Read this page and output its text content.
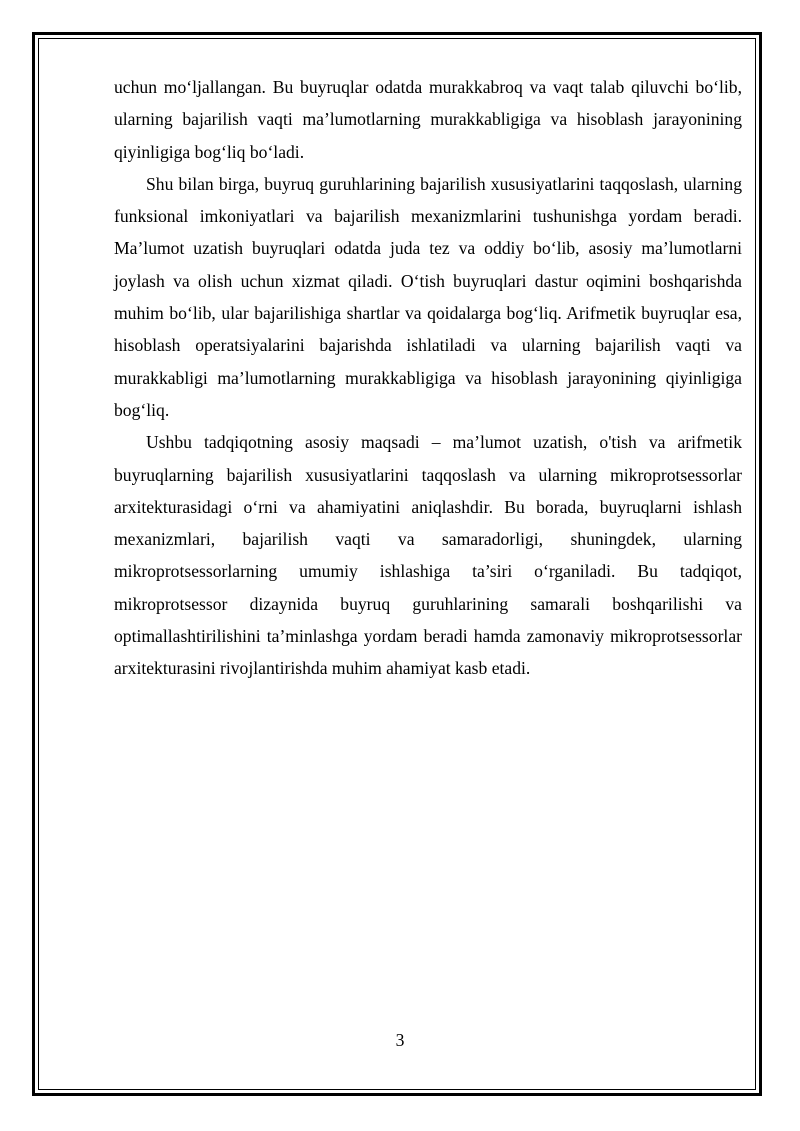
uchun mo‘ljallangan. Bu buyruqlar odatda murakkabroq va vaqt talab qiluvchi bo‘lib, ularning bajarilish vaqti ma’lumotlarning murakkabligiga va hisoblash jarayonining qiyinligiga bog‘liq bo‘ladi.

Shu bilan birga, buyruq guruhlarining bajarilish xususiyatlarini taqqoslash, ularning funksional imkoniyatlari va bajarilish mexanizmlarini tushunishga yordam beradi. Ma’lumot uzatish buyruqlari odatda juda tez va oddiy bo‘lib, asosiy ma’lumotlarni joylash va olish uchun xizmat qiladi. O‘tish buyruqlari dastur oqimini boshqarishda muhim bo‘lib, ular bajarilishiga shartlar va qoidalarga bog‘liq. Arifmetik buyruqlar esa, hisoblash operatsiyalarini bajarishda ishlatiladi va ularning bajarilish vaqti va murakkabligi ma’lumotlarning murakkabligiga va hisoblash jarayonining qiyinligiga bog‘liq.

Ushbu tadqiqotning asosiy maqsadi – ma’lumot uzatish, o'tish va arifmetik buyruqlarning bajarilish xususiyatlarini taqqoslash va ularning mikroprotsessorlar arxitekturasidagi o‘rni va ahamiyatini aniqlashdir. Bu borada, buyruqlarni ishlash mexanizmlari, bajarilish vaqti va samaradorligi, shuningdek, ularning mikroprotsessorlarning umumiy ishlashiga ta’siri o‘rganiladi. Bu tadqiqot, mikroprotsessor dizaynida buyruq guruhlarining samarali boshqarilishi va optimallashtirilishini ta’minlashga yordam beradi hamda zamonaviy mikroprotsessorlar arxitekturasini rivojlantirishda muhim ahamiyat kasb etadi.

3
